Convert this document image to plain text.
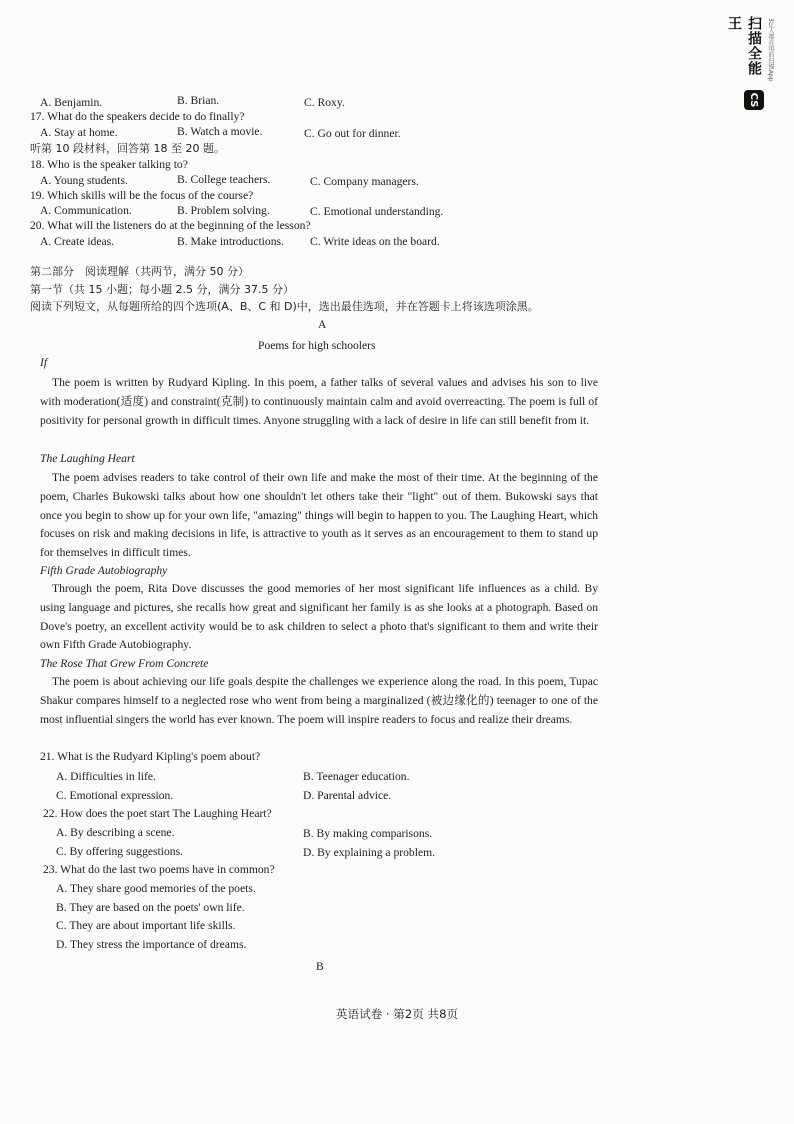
扫描全能王	3亿人都在用的扫描App
CS
A. Benjamin.	B. Brian.	C. Roxy.
17. What do the speakers decide to do finally?
A. Stay at home.	B. Watch a movie.	C. Go out for dinner.
听第 10 段材料，回答第 18 至 20 题。
18. Who is the speaker talking to?
A. Young students.	B. College teachers.	C. Company managers.
19. Which skills will be the focus of the course?
A. Communication.	B. Problem solving.	C. Emotional understanding.
20. What will the listeners do at the beginning of the lesson?
A. Create ideas.	B. Make introductions. C. Write ideas on the board.
第二部分　阅读理解（共两节，满分 50 分）
第一节（共 15 小题；每小题 2.5 分，满分 37.5 分）
阅读下列短文，从每题所给的四个选项(A、B、C 和 D)中，选出最佳选项，并在答题卡上将该选项涂黑。
A
Poems for high schoolers
If
The poem is written by Rudyard Kipling. In this poem, a father talks of several values and advises his son to live with moderation(适度) and constraint(克制) to continuously maintain calm and avoid overreacting. The poem is full of positivity for personal growth in difficult times. Anyone struggling with a lack of desire in life can still benefit from it.
The Laughing Heart
The poem advises readers to take control of their own life and make the most of their time. At the beginning of the poem, Charles Bukowski talks about how one shouldn't let others take their "light" out of them. Bukowski says that once you begin to show up for your own life, "amazing" things will begin to happen to you. The Laughing Heart, which focuses on risk and making decisions in life, is attractive to youth as it serves as an encouragement to them to stand up for themselves in difficult times.
Fifth Grade Autobiography
Through the poem, Rita Dove discusses the good memories of her most significant life influences as a child. By using language and pictures, she recalls how great and significant her family is as she looks at a photograph. Based on Dove's poetry, an excellent activity would be to ask children to select a photo that's significant to them and write their own Fifth Grade Autobiography.
The Rose That Grew From Concrete
The poem is about achieving our life goals despite the challenges we experience along the road. In this poem, Tupac Shakur compares himself to a neglected rose who went from being a marginalized (被边缘化的) teenager to one of the most influential singers the world has ever known. The poem will inspire readers to focus and realize their dreams.
21. What is the Rudyard Kipling's poem about?
A. Difficulties in life.	B. Teenager education.
C. Emotional expression.	D. Parental advice.
22. How does the poet start The Laughing Heart?
A. By describing a scene.	B. By making comparisons.
C. By offering suggestions.	D. By explaining a problem.
23. What do the last two poems have in common?
A. They share good memories of the poets.
B. They are based on the poets' own life.
C. They are about important life skills.
D. They stress the importance of dreams.
B
英语试卷 · 第2页 共8页
